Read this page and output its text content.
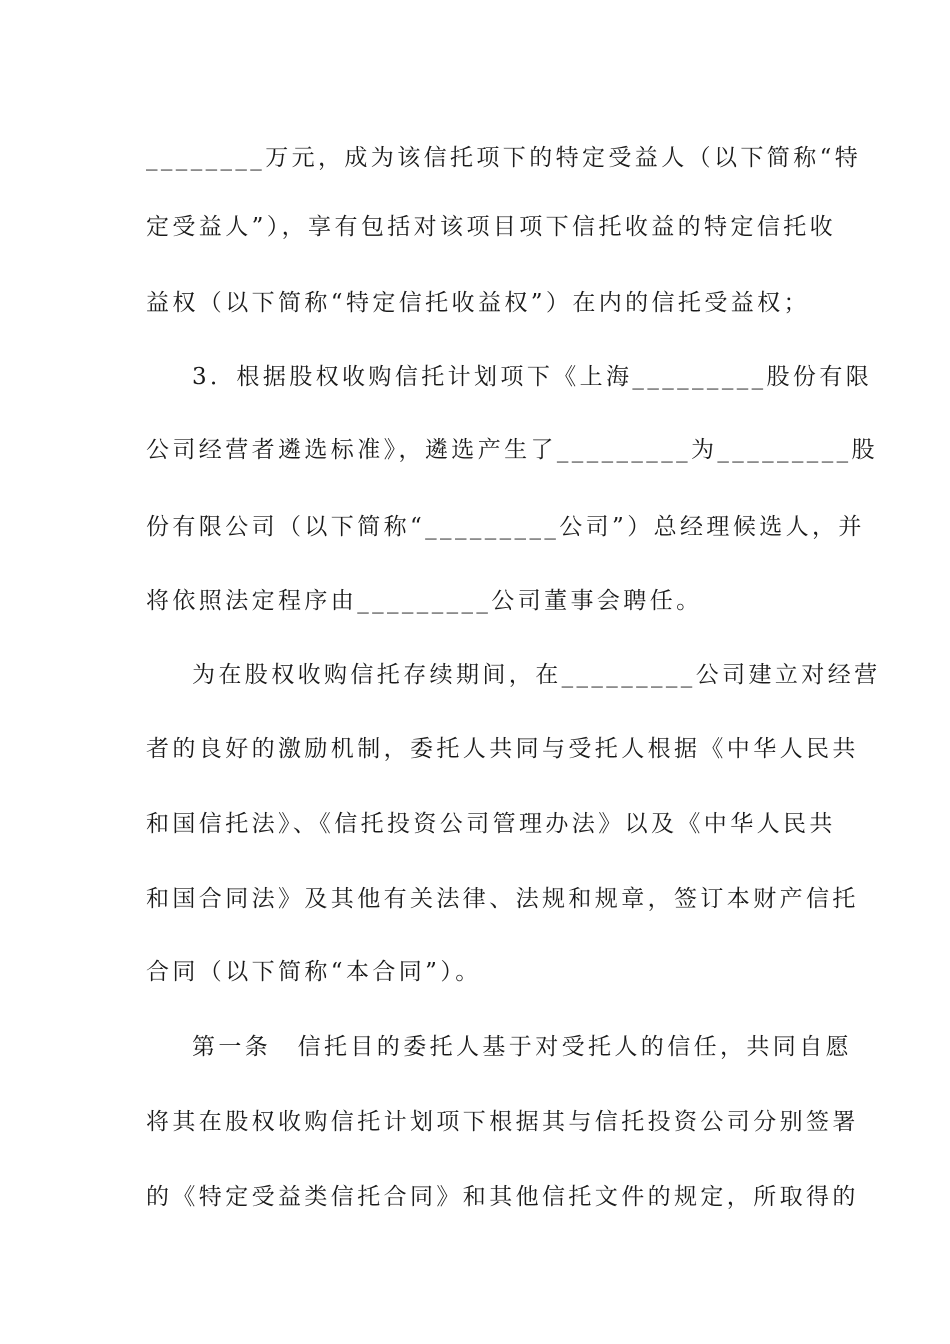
________万元，成为该信托项下的特定受益人（以下简称“特
定受益人”），享有包括对该项目项下信托收益的特定信托收
益权（以下简称“特定信托收益权”）在内的信托受益权；
3．根据股权收购信托计划项下《上海_________股份有限
公司经营者遴选标准》，遴选产生了_________为_________股
份有限公司（以下简称“_________公司”）总经理候选人，并
将依照法定程序由_________公司董事会聘任。
为在股权收购信托存续期间，在_________公司建立对经营
者的良好的激励机制，委托人共同与受托人根据《中华人民共
和国信托法》、《信托投资公司管理办法》以及《中华人民共
和国合同法》及其他有关法律、法规和规章，签订本财产信托
合同（以下简称“本合同”）。
第一条　信托目的委托人基于对受托人的信任，共同自愿
将其在股权收购信托计划项下根据其与信托投资公司分别签署
的《特定受益类信托合同》和其他信托文件的规定，所取得的
